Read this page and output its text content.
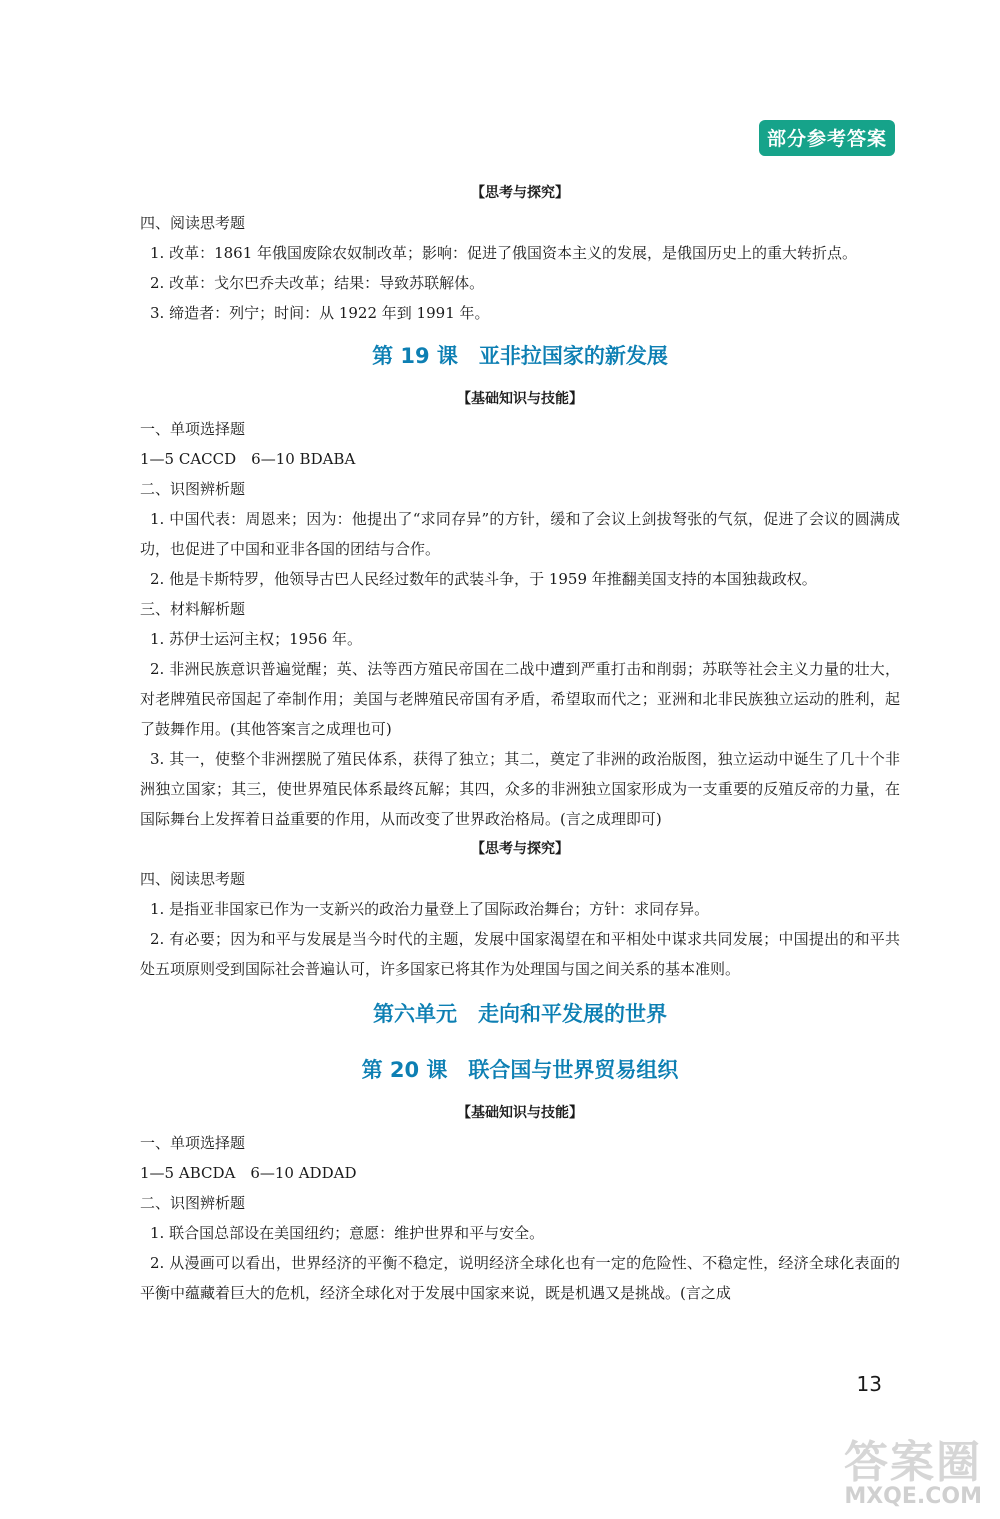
部分参考答案
【思考与探究】
四、阅读思考题
1. 改革：1861 年俄国废除农奴制改革；影响：促进了俄国资本主义的发展，是俄国历史上的重大转折点。
2. 改革：戈尔巴乔夫改革；结果：导致苏联解体。
3. 缔造者：列宁；时间：从 1922 年到 1991 年。
第 19 课　亚非拉国家的新发展
【基础知识与技能】
一、单项选择题
1—5 CACCD　6—10 BDABA
二、识图辨析题
1. 中国代表：周恩来；因为：他提出了“求同存异”的方针，缓和了会议上剑拔弩张的气氛，促进了会议的圆满成功，也促进了中国和亚非各国的团结与合作。
2. 他是卡斯特罗，他领导古巴人民经过数年的武装斗争，于 1959 年推翻美国支持的本国独裁政权。
三、材料解析题
1. 苏伊士运河主权；1956 年。
2. 非洲民族意识普遍觉醒；英、法等西方殖民帝国在二战中遭到严重打击和削弱；苏联等社会主义力量的壮大，对老牌殖民帝国起了牵制作用；美国与老牌殖民帝国有矛盾，希望取而代之；亚洲和北非民族独立运动的胜利，起了鼓舞作用。(其他答案言之成理也可)
3. 其一，使整个非洲摆脱了殖民体系，获得了独立；其二，奠定了非洲的政治版图，独立运动中诞生了几十个非洲独立国家；其三，使世界殖民体系最终瓦解；其四，众多的非洲独立国家形成为一支重要的反殖反帝的力量，在国际舞台上发挥着日益重要的作用，从而改变了世界政治格局。(言之成理即可)
【思考与探究】
四、阅读思考题
1. 是指亚非国家已作为一支新兴的政治力量登上了国际政治舞台；方针：求同存异。
2. 有必要；因为和平与发展是当今时代的主题，发展中国家渴望在和平相处中谋求共同发展；中国提出的和平共处五项原则受到国际社会普遍认可，许多国家已将其作为处理国与国之间关系的基本准则。
第六单元　走向和平发展的世界
第 20 课　联合国与世界贸易组织
【基础知识与技能】
一、单项选择题
1—5 ABCDA　6—10 ADDAD
二、识图辨析题
1. 联合国总部设在美国纽约；意愿：维护世界和平与安全。
2. 从漫画可以看出，世界经济的平衡不稳定，说明经济全球化也有一定的危险性、不稳定性，经济全球化表面的平衡中蕴藏着巨大的危机，经济全球化对于发展中国家来说，既是机遇又是挑战。(言之成
13
答案圈
MXQE.COM
